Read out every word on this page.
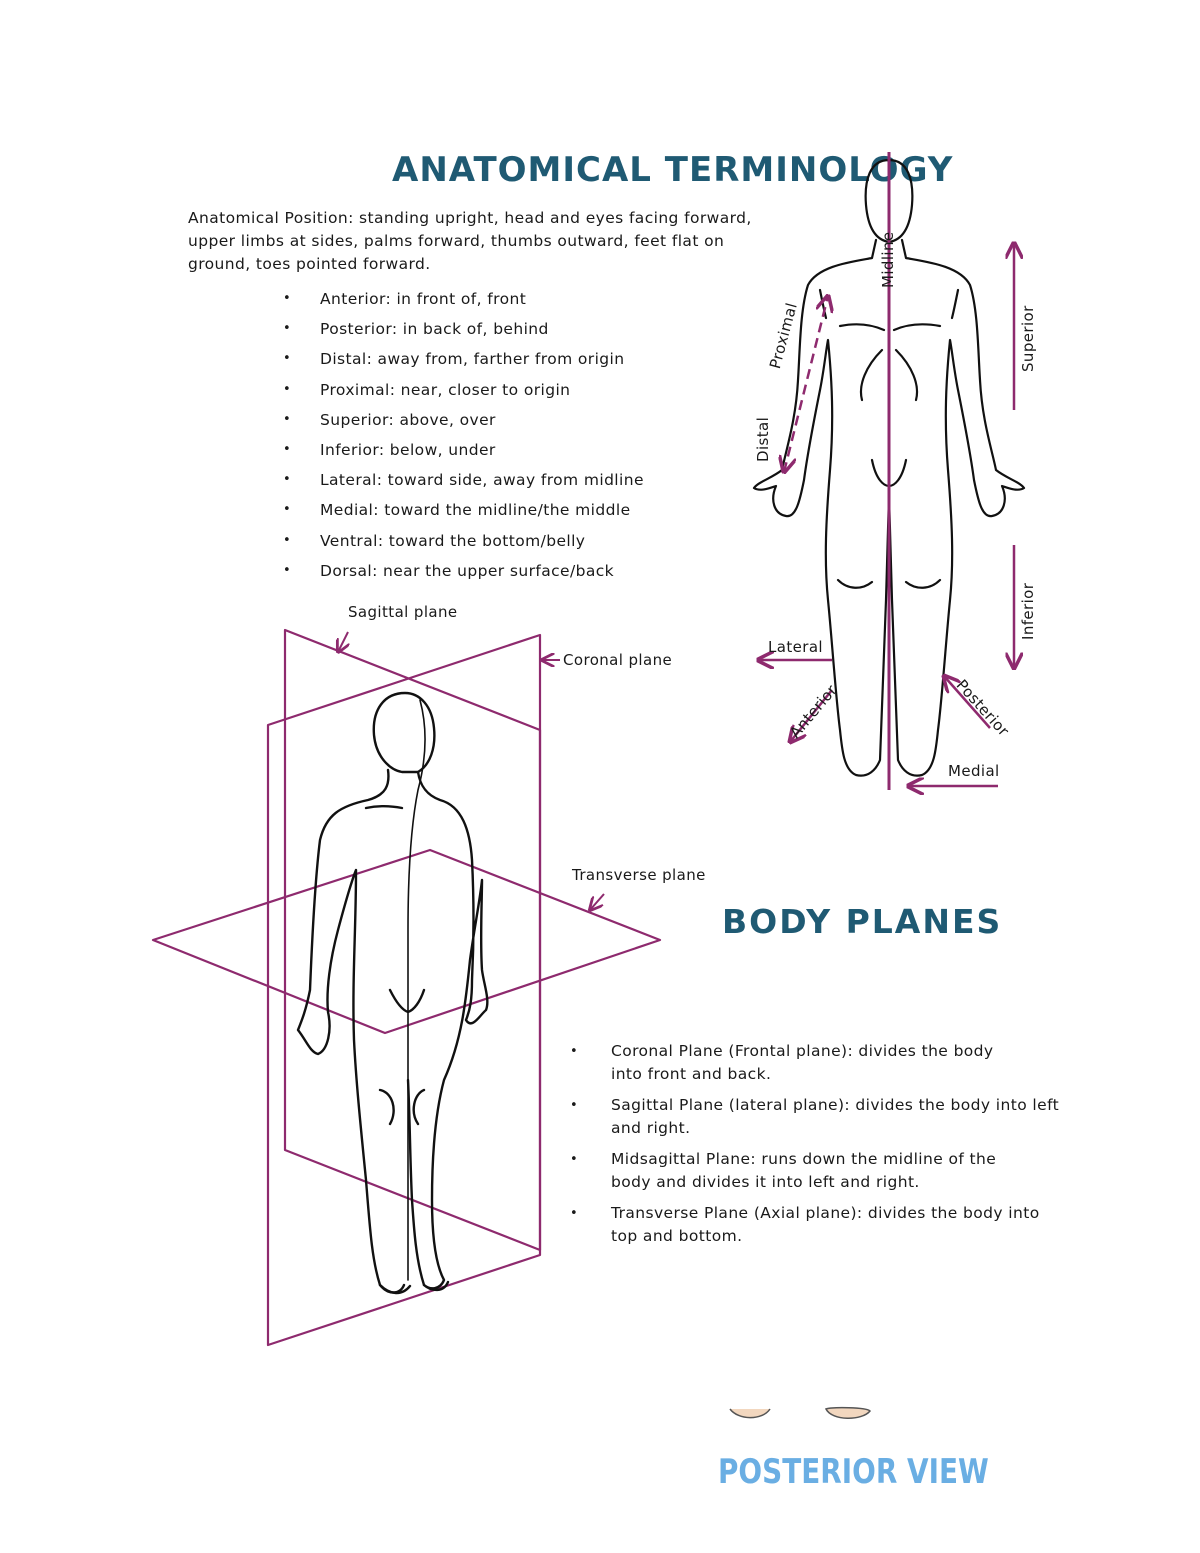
ANATOMICAL TERMINOLOGY
Anatomical Position: standing upright, head and eyes facing forward, upper limbs at sides, palms forward, thumbs outward, feet flat on ground, toes pointed forward.
• Anterior: in front of, front
• Posterior: in back of, behind
• Distal: away from, farther from origin
• Proximal: near, closer to origin
• Superior: above, over
• Inferior: below, under
• Lateral: toward side, away from midline
• Medial: toward the midline/the middle
• Ventral: toward the bottom/belly
• Dorsal: near the upper surface/back
Midline
Proximal
Distal
Superior
Inferior
Lateral
Anterior	Posterior
Medial
Sagittal plane
Coronal plane
Transverse plane
BODY PLANES
• Coronal Plane (Frontal plane): divides the body into front and back.
• Sagittal Plane (lateral plane): divides the body into left and right.
• Midsagittal Plane: runs down the midline of the body and divides it into left and right.
• Transverse Plane (Axial plane): divides the body into top and bottom.
POSTERIOR VIEW
